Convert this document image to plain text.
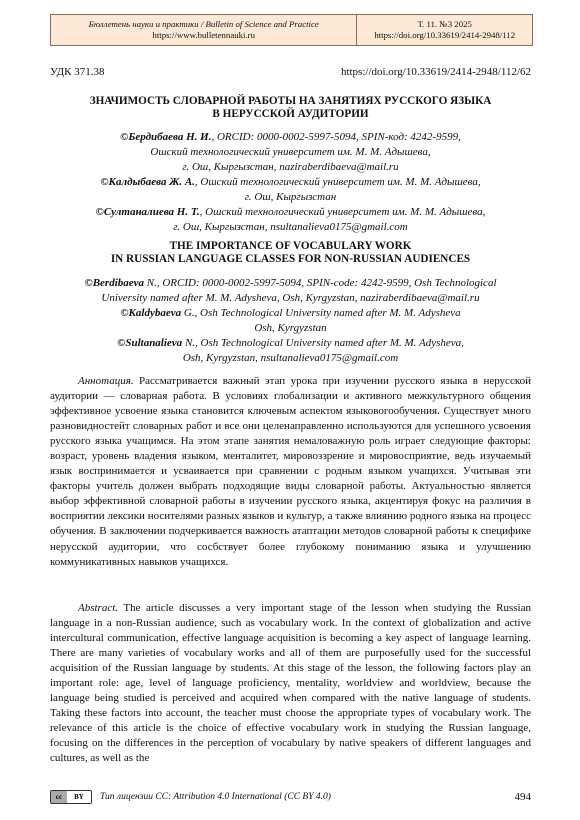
Бюллетень науки и практики / Bulletin of Science and Practice
https://www.bulletennauki.ru
Т. 11. №3 2025
https://doi.org/10.33619/2414-2948/112
УДК 371.38	https://doi.org/10.33619/2414-2948/112/62
ЗНАЧИМОСТЬ СЛОВАРНОЙ РАБОТЫ НА ЗАНЯТИЯХ РУССКОГО ЯЗЫКА
В НЕРУССКОЙ АУДИТОРИИ
©Бердибаева Н. И., ORCID: 0000-0002-5997-5094, SPIN-код: 4242-9599,
Ошский технологический университет им. М. М. Адышева,
г. Ош, Кыргызстан, naziraberdibaeva@mail.ru
©Калдыбаева Ж. А., Ошский технологический университет им. М. М. Адышева,
г. Ош, Кыргызстан
©Султаналиева Н. Т., Ошский технологический университет им. М. М. Адышева,
г. Ош, Кыргызстан, nsultanalieva0175@gmail.com
THE IMPORTANCE OF VOCABULARY WORK
IN RUSSIAN LANGUAGE CLASSES FOR NON-RUSSIAN AUDIENCES
©Berdibaeva N., ORCID: 0000-0002-5997-5094, SPIN-code: 4242-9599, Osh Technological
University named after M. M. Adysheva, Osh, Kyrgyzstan, naziraberdibaeva@mail.ru
©Kaldybaeva G., Osh Technological University named after M. M. Adysheva
Osh, Kyrgyzstan
©Sultanalieva N., Osh Technological University named after M. M. Adysheva,
Osh, Kyrgyzstan, nsultanalieva0175@gmail.com

Аннотация. Рассматривается важный этап урока при изучении русского языка в нерусской аудитории — словарная работа. В условиях глобализации и активного межкультурного общения эффективное усвоение языка становится ключевым аспектом языковогообучения. Существует много разновидностейт словарных работ и все они целенаправленно используются для успешного усвоения русского языка учащимся. На этом этапе занятия немаловажную роль играет следующие факторы: возраст, уровень владения языком, менталитет, мировоззрение и мировосприятие, ведь изучаемый язык воспринимается и усваивается при сравнении с родным языком учащихся. Учитывая эти факторы учитель должен выбрать подходящие виды словарной работы. Актуальностью является выбор эффективной словарной работы в изучении русского языка, акцентируя фокус на различия в восприятии лексики носителями разных языков и культур, а также влиянию родного языка на процесс обучения. В заключении подчеркивается важность атаптации методов словарной работы к специфике нерусской аудитории, что сосбствует более глубокому пониманию языка и улучшению коммуникативных навыков учащихся.

Abstract. The article discusses a very important stage of the lesson when studying the Russian language in a non-Russian audience, such as vocabulary work. In the context of globalization and active intercultural communication, effective language acquisition is becoming a key aspect of language learning. There are many varieties of vocabulary works and all of them are purposefully used for the successful acquisition of the Russian language by students. At this stage of the lesson, the following factors play an important role: age, level of language proficiency, mentality, worldview and worldview, because the language being studied is perceived and acquired when compared with the native language of students. Taking these factors into account, the teacher must choose the appropriate types of vocabulary work. The relevance of this article is the choice of effective vocabulary work in studying the Russian language, focusing on the differences in the perception of vocabulary by native speakers of different languages and cultures, as well as the

cc	BY	Тип лицензии CC: Attribution 4.0 International (CC BY 4.0)	494
